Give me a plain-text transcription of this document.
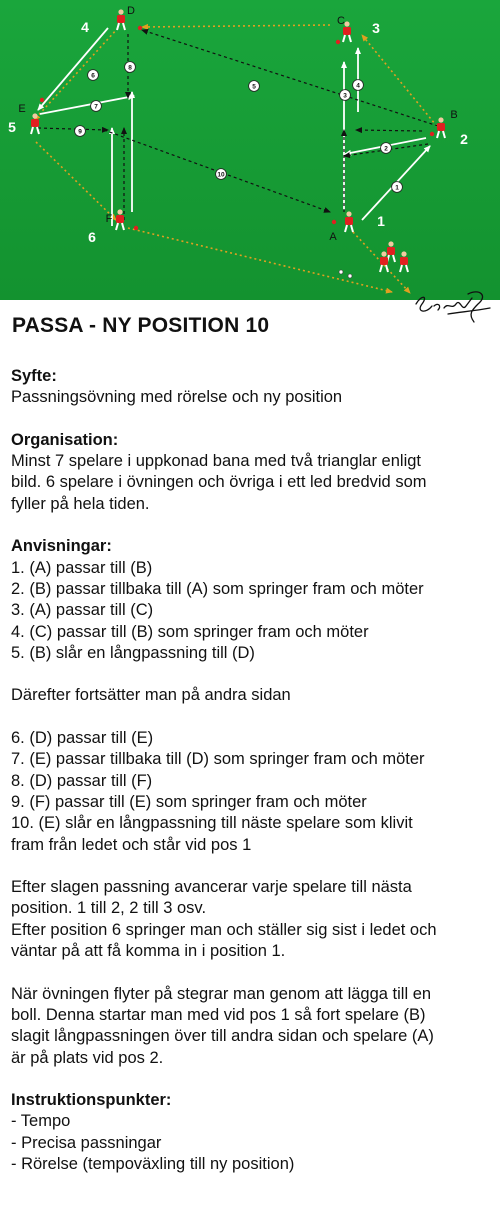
1
2
3
4
5
6
7
8
9
10
A
B
C
D
E
F	1
2
3
4
5
6
PASSA - NY POSITION 10

Syfte:

Passningsövning med rörelse och ny position

Organisation:

Minst 7 spelare i uppkonad bana med två trianglar enligt

bild. 6 spelare i övningen och övriga i ett led bredvid som

fyller på hela tiden.

Anvisningar:

1. (A) passar till (B)

2. (B) passar tillbaka till (A) som springer fram och möter

3. (A) passar till (C)

4. (C) passar till (B) som springer fram och möter

5. (B) slår en långpassning till (D)

Därefter fortsätter man på andra sidan

6. (D) passar till (E)

7. (E) passar tillbaka till (D) som springer fram och möter

8. (D) passar till (F)

9. (F) passar till (E) som springer fram och möter

10. (E) slår en långpassning till näste spelare som klivit

fram från ledet och står vid pos 1

Efter slagen passning avancerar varje spelare till nästa

position. 1 till 2, 2 till 3 osv.

Efter position 6 springer man och ställer sig sist i ledet och

väntar på att få komma in i position 1.

När övningen flyter på stegrar man genom att lägga till en

boll. Denna startar man med vid pos 1 så fort spelare (B)

slagit långpassningen över till andra sidan och spelare (A)

är på plats vid pos 2.

Instruktionspunkter:

- Tempo

- Precisa passningar

- Rörelse (tempoväxling till ny position)
